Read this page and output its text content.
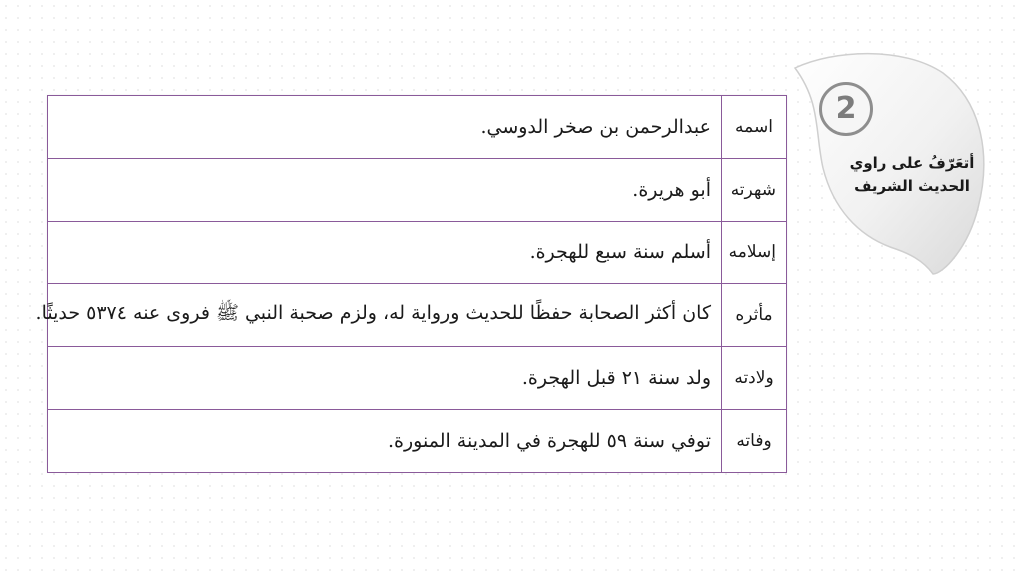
2
أتعَرّفُ على راوي
الحديث الشريف
اسمه	عبدالرحمن بن صخر الدوسي.
شهرته	أبو هريرة.
إسلامه	أسلم سنة سبع للهجرة.
مأثره	كان أكثر الصحابة حفظًا للحديث ورواية له، ولزم صحبة النبي ﷺ فروى عنه ٥٣٧٤ حديثًا.
ولادته	ولد سنة ٢١ قبل الهجرة.
وفاته	توفي سنة ٥٩ للهجرة في المدينة المنورة.
